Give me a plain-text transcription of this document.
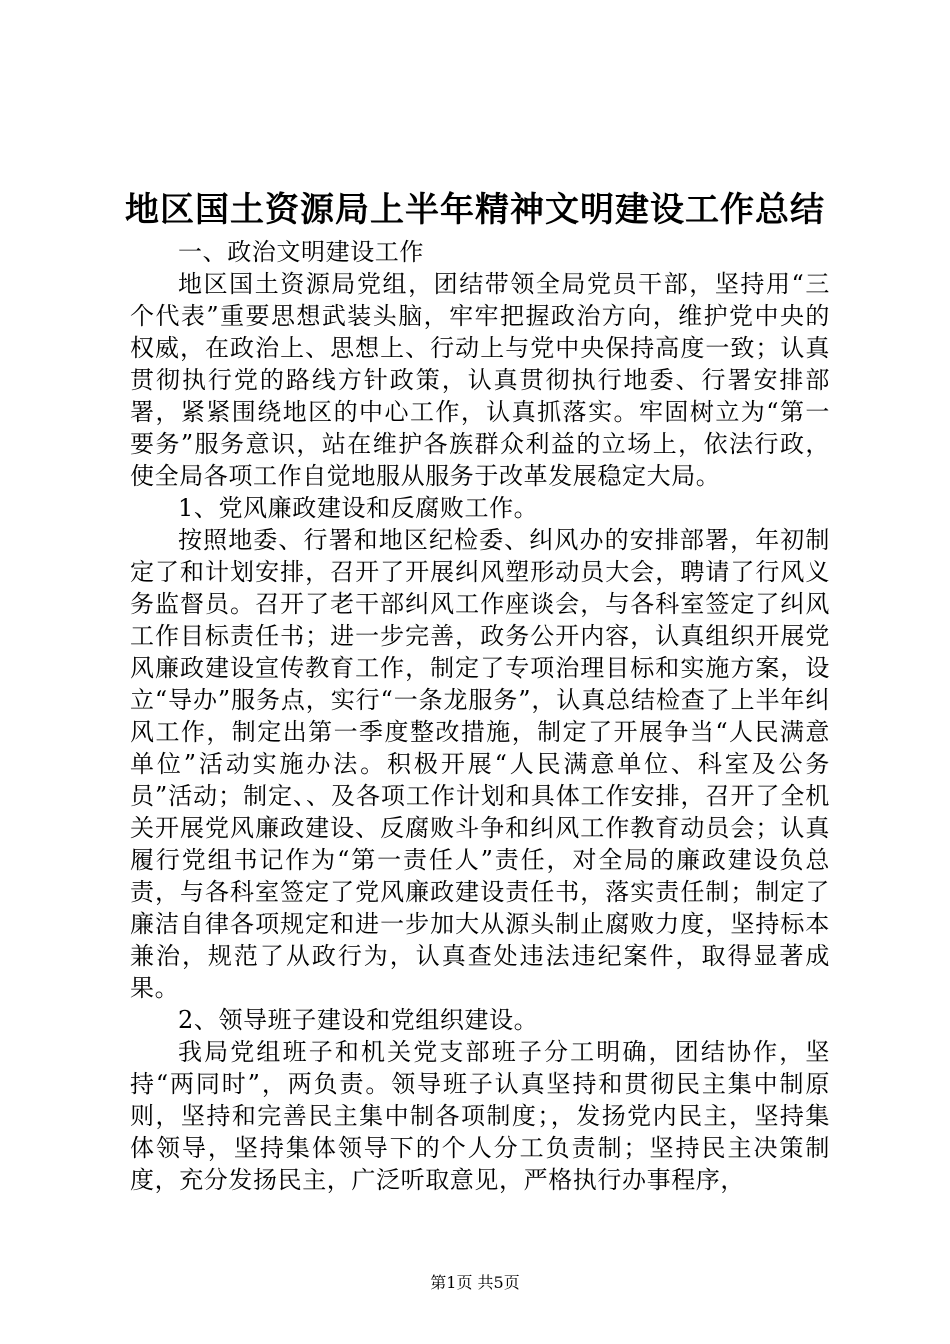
地区国土资源局上半年精神文明建设工作总结

一、政治文明建设工作

地区国土资源局党组，团结带领全局党员干部，坚持用“三个代表”重要思想武装头脑，牢牢把握政治方向，维护党中央的权威，在政治上、思想上、行动上与党中央保持高度一致；认真贯彻执行党的路线方针政策，认真贯彻执行地委、行署安排部署，紧紧围绕地区的中心工作，认真抓落实。牢固树立为“第一要务”服务意识，站在维护各族群众利益的立场上，依法行政，使全局各项工作自觉地服从服务于改革发展稳定大局。

1、党风廉政建设和反腐败工作。

按照地委、行署和地区纪检委、纠风办的安排部署，年初制定了和计划安排，召开了开展纠风塑形动员大会，聘请了行风义务监督员。召开了老干部纠风工作座谈会，与各科室签定了纠风工作目标责任书；进一步完善，政务公开内容，认真组织开展党风廉政建设宣传教育工作，制定了专项治理目标和实施方案，设立“导办”服务点，实行“一条龙服务”，认真总结检查了上半年纠风工作，制定出第一季度整改措施，制定了开展争当“人民满意单位”活动实施办法。积极开展“人民满意单位、科室及公务员”活动；制定、、及各项工作计划和具体工作安排，召开了全机关开展党风廉政建设、反腐败斗争和纠风工作教育动员会；认真履行党组书记作为“第一责任人”责任，对全局的廉政建设负总责，与各科室签定了党风廉政建设责任书，落实责任制；制定了廉洁自律各项规定和进一步加大从源头制止腐败力度，坚持标本兼治，规范了从政行为，认真查处违法违纪案件，取得显著成果。

2、领导班子建设和党组织建设。

我局党组班子和机关党支部班子分工明确，团结协作，坚持“两同时”，两负责。领导班子认真坚持和贯彻民主集中制原则，坚持和完善民主集中制各项制度；，发扬党内民主，坚持集体领导，坚持集体领导下的个人分工负责制；坚持民主决策制度，充分发扬民主，广泛听取意见，严格执行办事程序，

第1页 共5页
